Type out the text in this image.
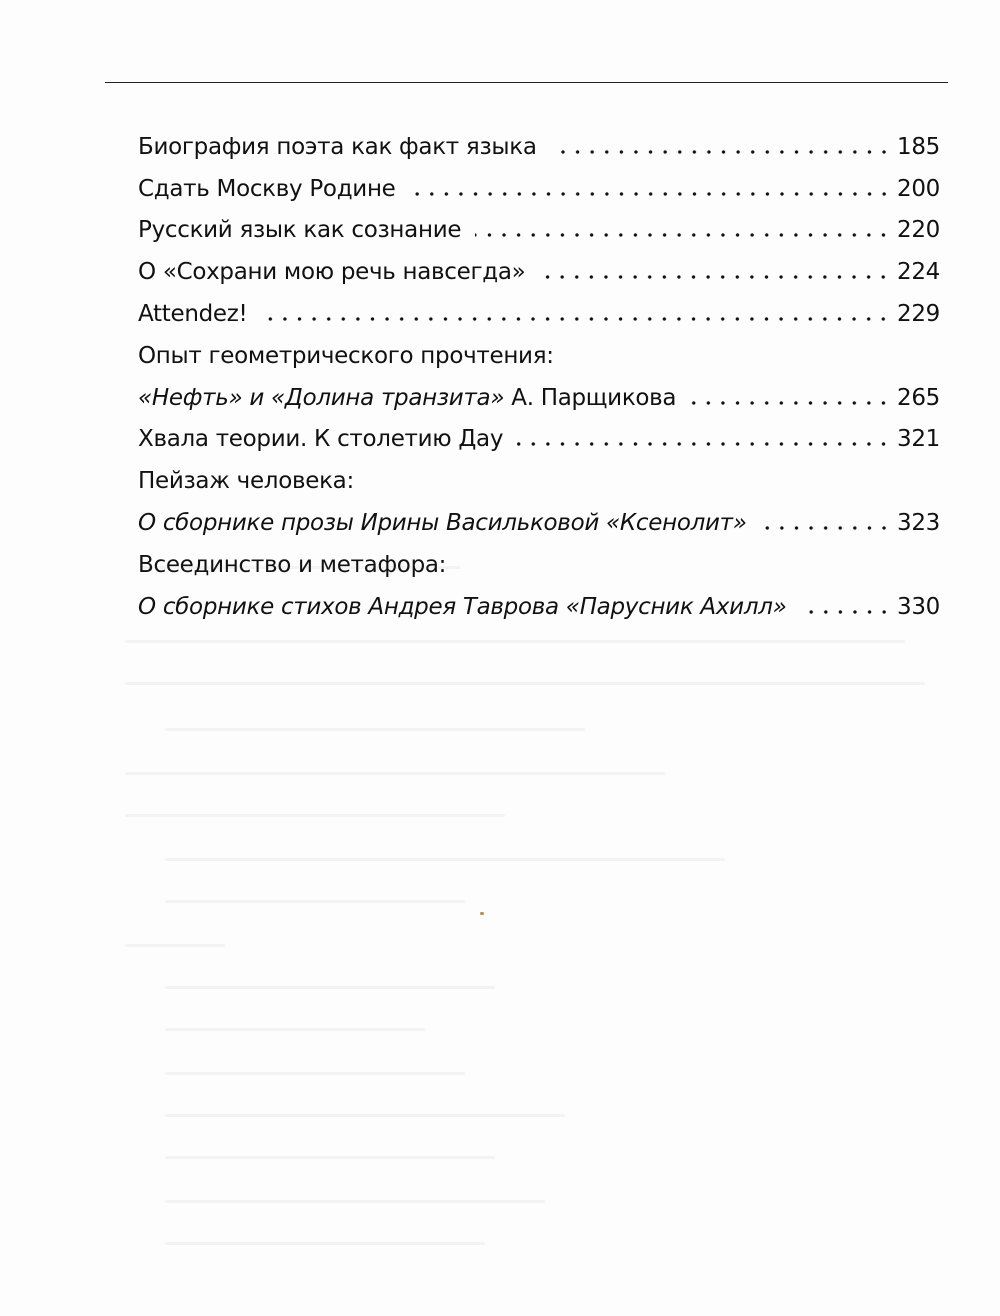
Биография поэта как факт языка	185
Сдать Москву Родине	200
Русский язык как сознание	220
О «Сохрани мою речь навсегда»	224
Attendez!	229
Опыт геометрического прочтения:
«Нефть» и «Долина транзита» А. Парщикова	265
Хвала теории. К столетию Дау	321
Пейзаж человека:
О сборнике прозы Ирины Васильковой «Ксенолит»	323
Всеединство и метафора:
О сборнике стихов Андрея Таврова «Парусник Ахилл»	330
